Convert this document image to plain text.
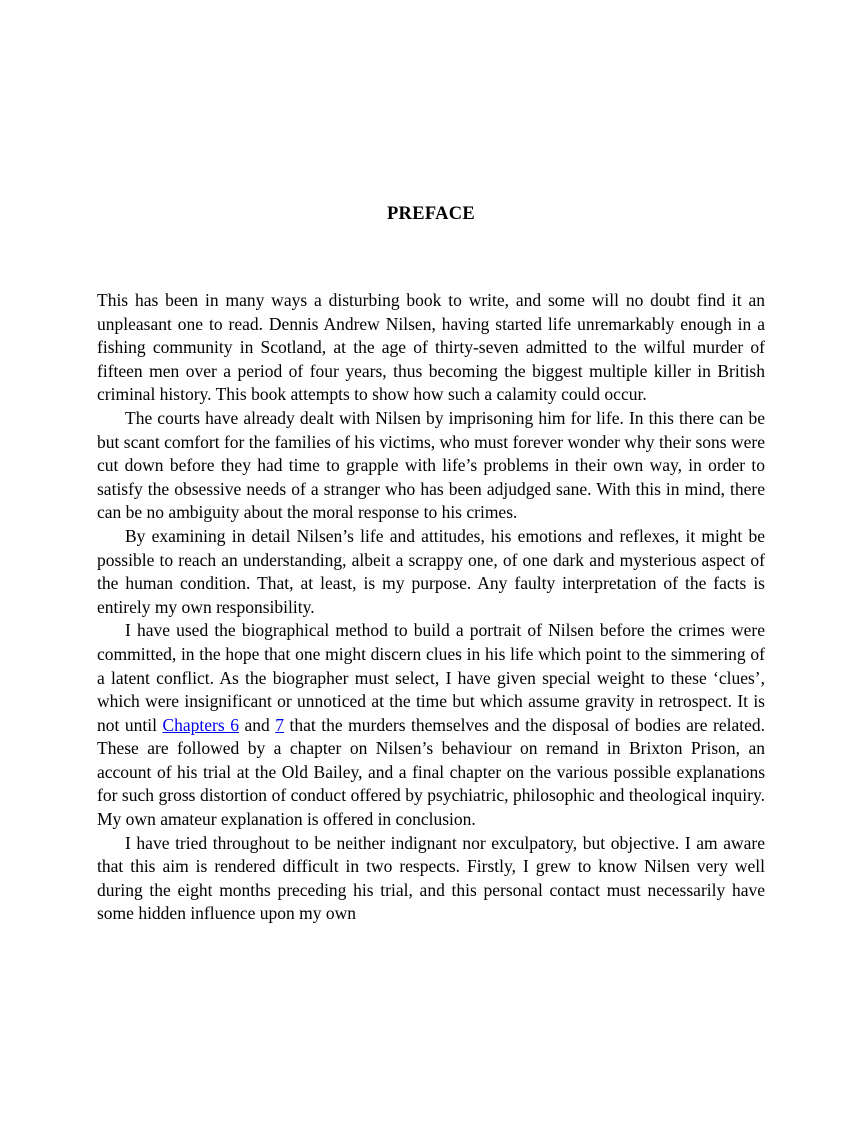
PREFACE

This has been in many ways a disturbing book to write, and some will no doubt find it an unpleasant one to read. Dennis Andrew Nilsen, having started life unremarkably enough in a fishing community in Scotland, at the age of thirty-seven admitted to the wilful murder of fifteen men over a period of four years, thus becoming the biggest multiple killer in British criminal history. This book attempts to show how such a calamity could occur.

The courts have already dealt with Nilsen by imprisoning him for life. In this there can be but scant comfort for the families of his victims, who must forever wonder why their sons were cut down before they had time to grapple with life’s problems in their own way, in order to satisfy the obsessive needs of a stranger who has been adjudged sane. With this in mind, there can be no ambiguity about the moral response to his crimes.

By examining in detail Nilsen’s life and attitudes, his emotions and reflexes, it might be possible to reach an understanding, albeit a scrappy one, of one dark and mysterious aspect of the human condition. That, at least, is my purpose. Any faulty interpretation of the facts is entirely my own responsibility.

I have used the biographical method to build a portrait of Nilsen before the crimes were committed, in the hope that one might discern clues in his life which point to the simmering of a latent conflict. As the biographer must select, I have given special weight to these ‘clues’, which were insignificant or unnoticed at the time but which assume gravity in retrospect. It is not until Chapters 6 and 7 that the murders themselves and the disposal of bodies are related. These are followed by a chapter on Nilsen’s behaviour on remand in Brixton Prison, an account of his trial at the Old Bailey, and a final chapter on the various possible explanations for such gross distortion of conduct offered by psychiatric, philosophic and theological inquiry. My own amateur explanation is offered in conclusion.

I have tried throughout to be neither indignant nor exculpatory, but objective. I am aware that this aim is rendered difficult in two respects. Firstly, I grew to know Nilsen very well during the eight months preceding his trial, and this personal contact must necessarily have some hidden influence upon my own
